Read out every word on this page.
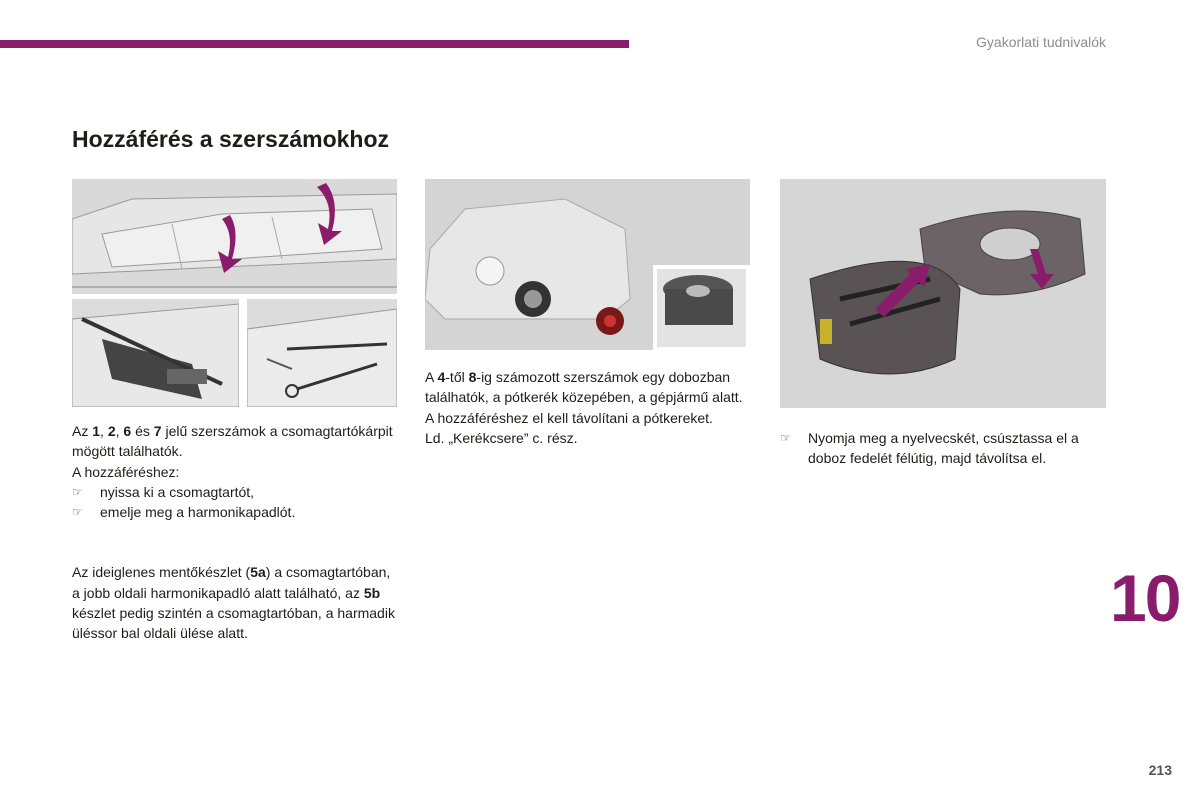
Gyakorlati tudnivalók
Hozzáférés a szerszámokhoz

Az 1, 2, 6 és 7 jelű szerszámok a csomagtartókárpit mögött találhatók.

A hozzáféréshez:

☞ nyissa ki a csomagtartót,

☞ emelje meg a harmonikapadlót.

Az ideiglenes mentőkészlet (5a) a csomagtartóban, a jobb oldali harmonikapadló alatt található, az 5b készlet pedig szintén a csomagtartóban, a harmadik üléssor bal oldali ülése alatt.

A 4-től 8-ig számozott szerszámok egy dobozban találhatók, a pótkerék közepében, a gépjármű alatt. A hozzáféréshez el kell távolítani a pótkereket.

Ld. „Kerékcsere” c. rész.	☞ Nyomja meg a nyelvecskét, csúsztassa el a doboz fedelét félútig, majd távolítsa el.

10
213
